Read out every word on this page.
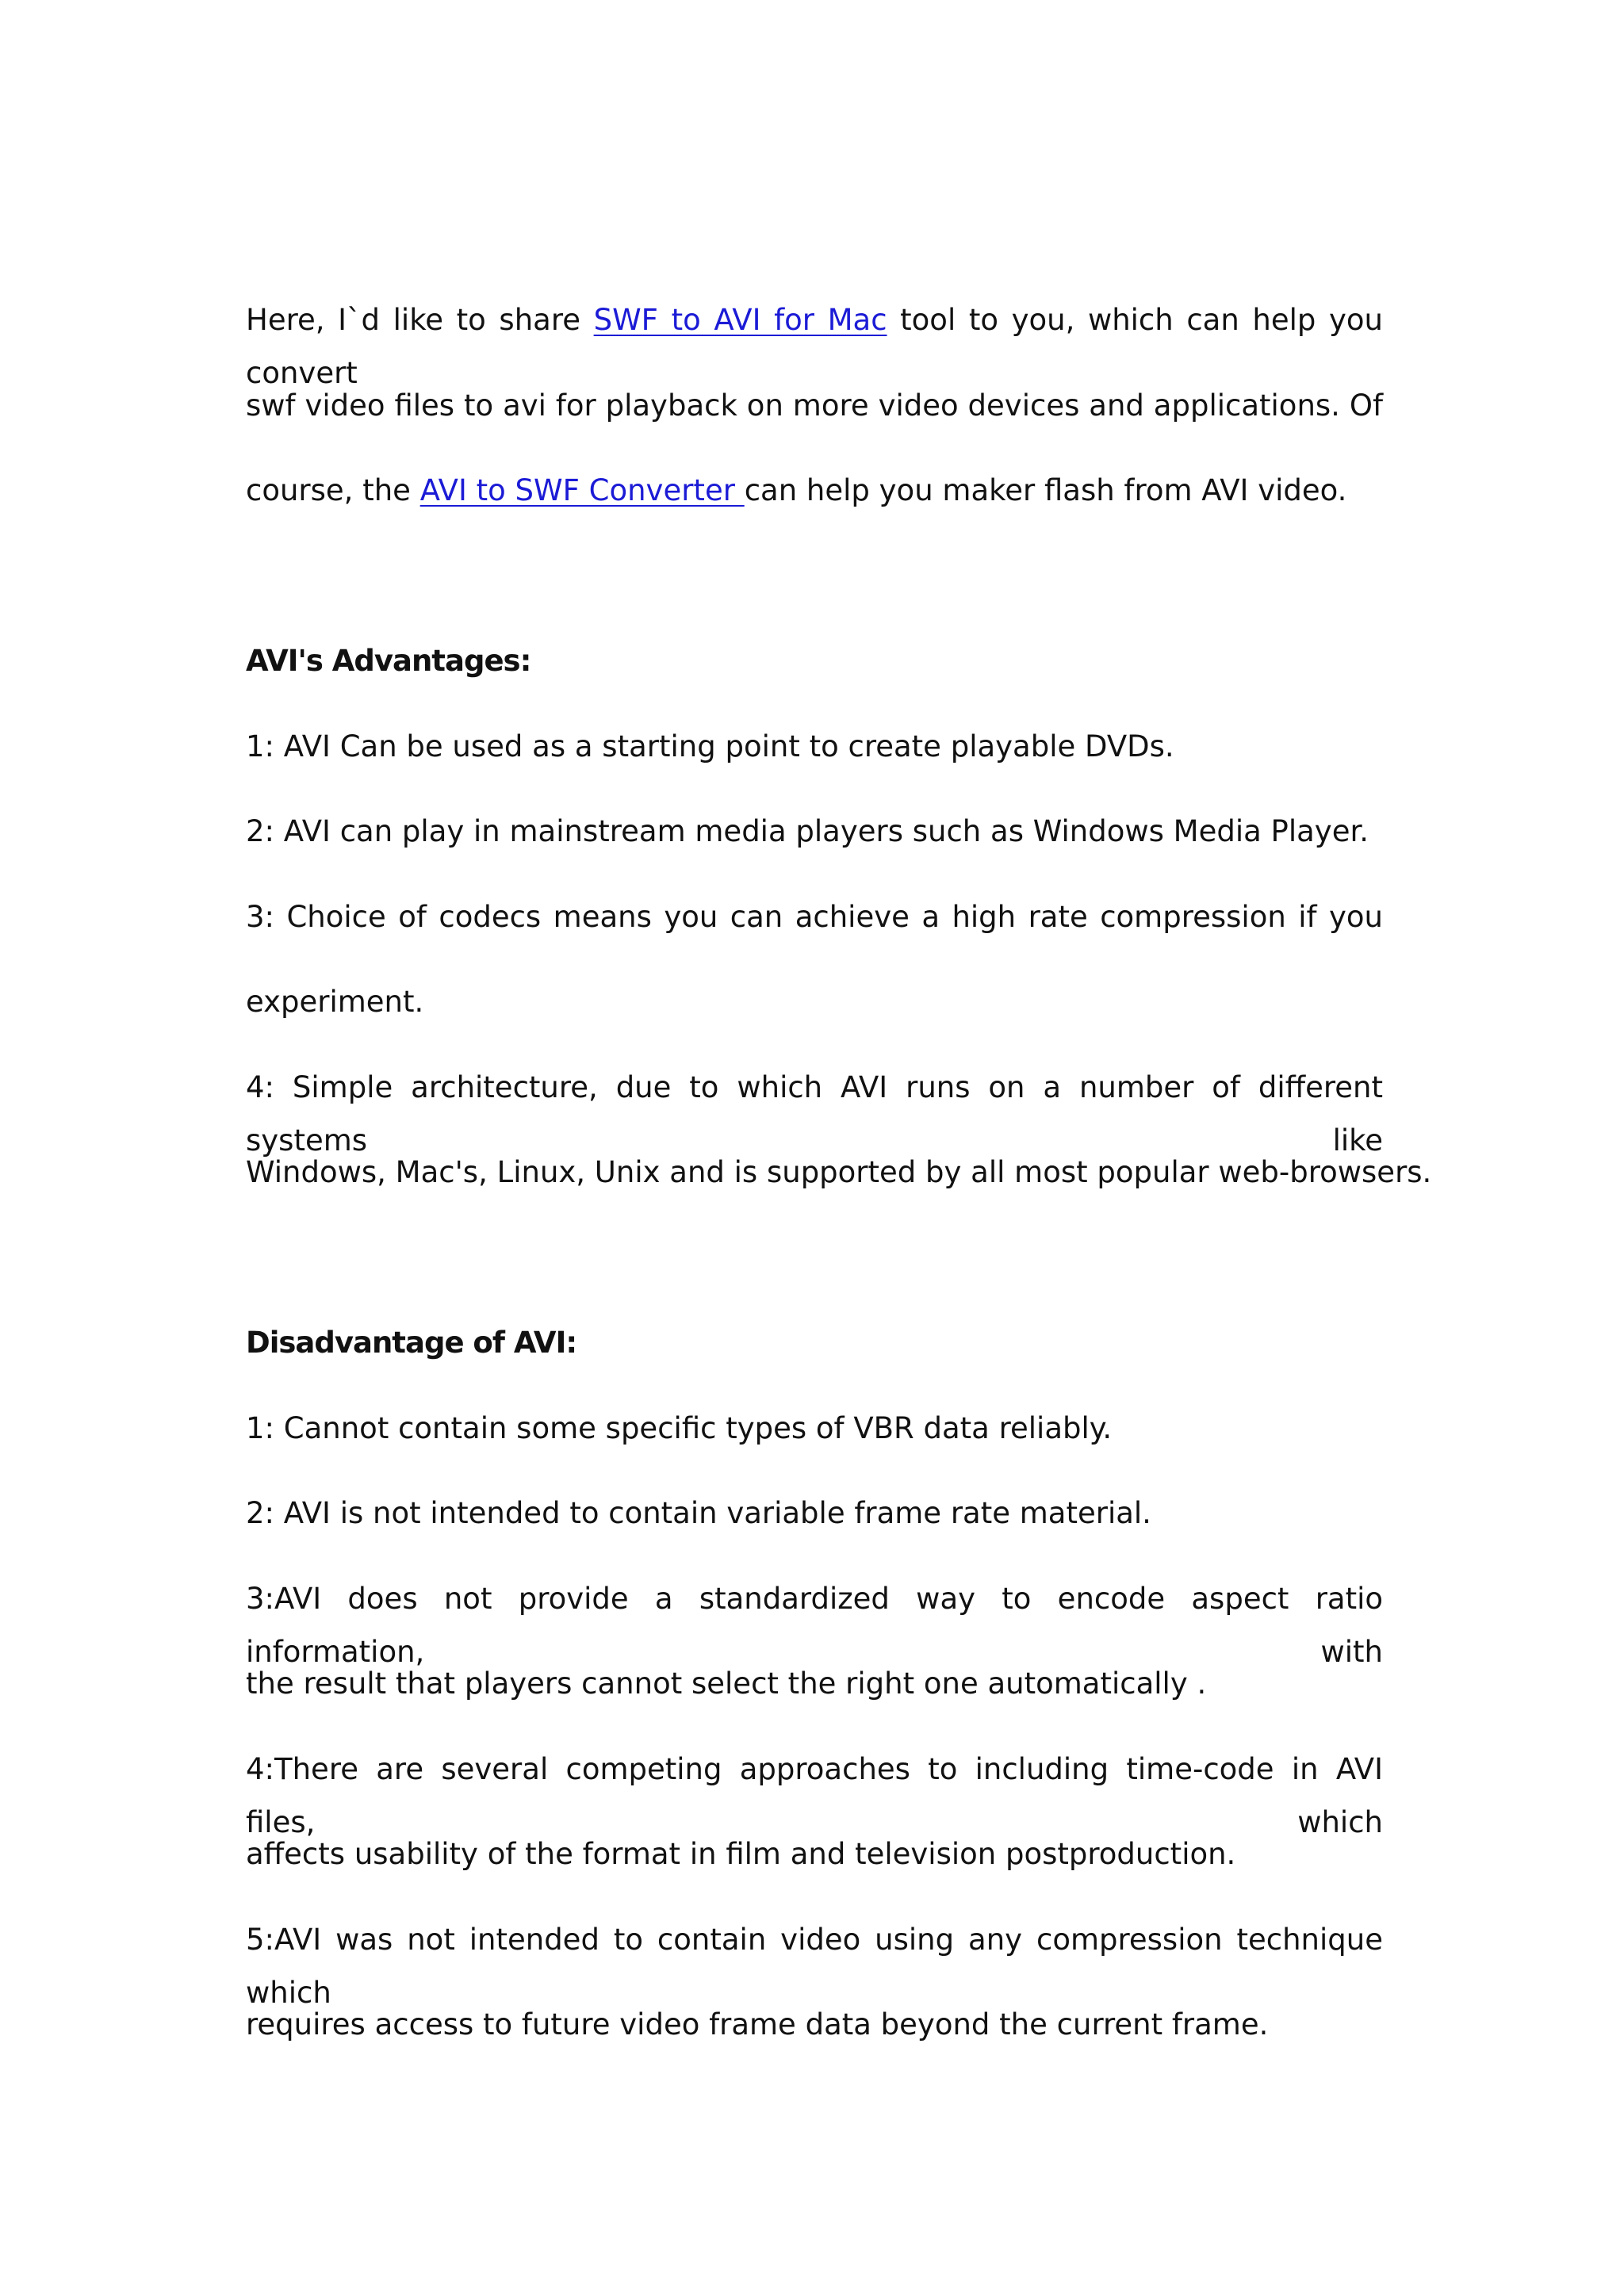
Here, I`d like to share SWF to AVI for Mac tool to you, which can help you convert
swf video files to avi for playback on more video devices and applications. Of
course, the AVI to SWF Converter can help you maker flash from AVI video.
AVI's Advantages:
1: AVI Can be used as a starting point to create playable DVDs.
2: AVI can play in mainstream media players such as Windows Media Player.
3: Choice of codecs means you can achieve a high rate compression if you
experiment.
4: Simple architecture, due to which AVI runs on a number of different systems like
Windows, Mac's, Linux, Unix and is supported by all most popular web-browsers.
Disadvantage of AVI:
1: Cannot contain some specific types of VBR data reliably.
2: AVI is not intended to contain variable frame rate material.
3:AVI does not provide a standardized way to encode aspect ratio information, with
the result that players cannot select the right one automatically .
4:There are several competing approaches to including time-code in AVI files, which
affects usability of the format in film and television postproduction.
5:AVI was not intended to contain video using any compression technique which
requires access to future video frame data beyond the current frame.
